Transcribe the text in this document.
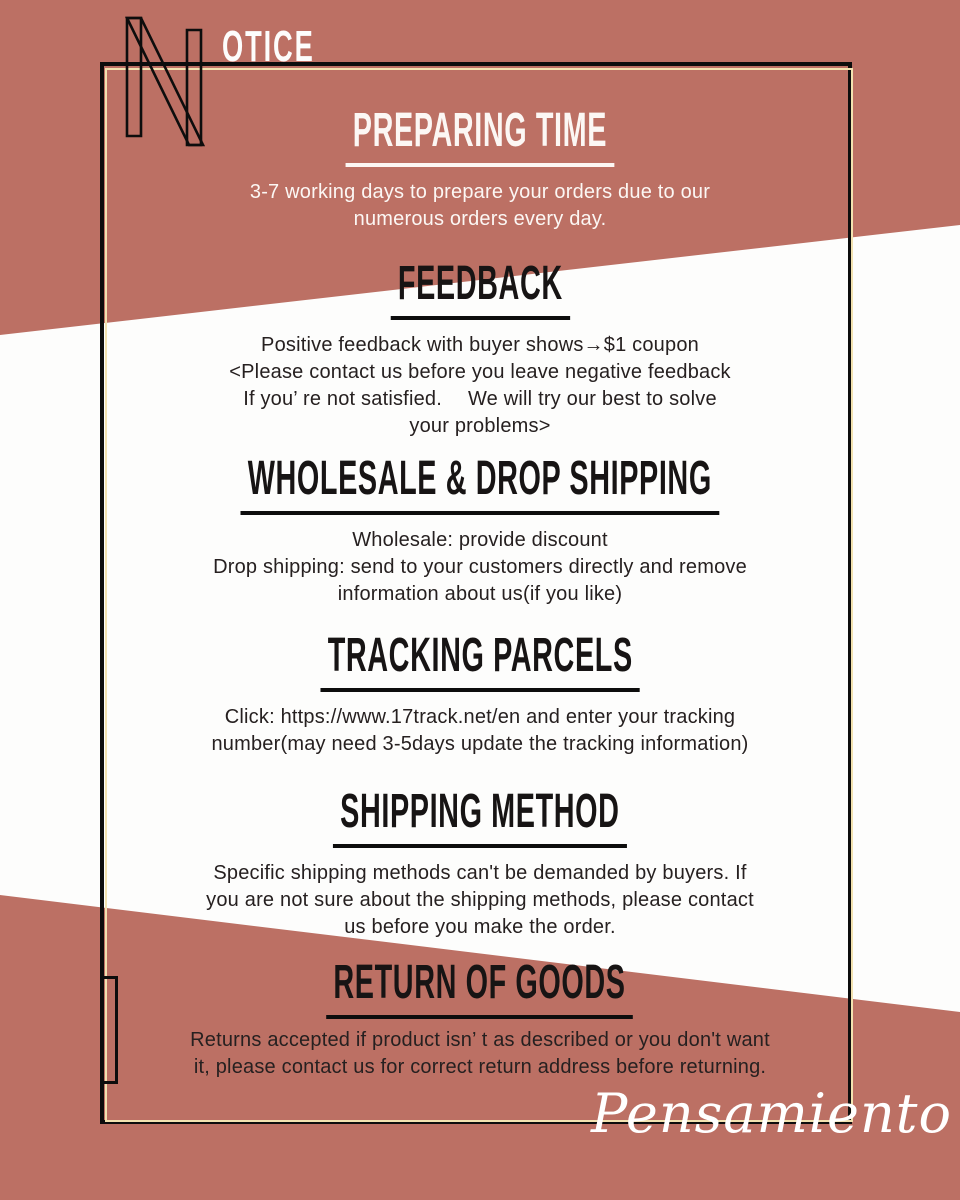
OTICE
PREPARING TIME
3-7 working days to prepare your orders due to our
numerous orders every day.
FEEDBACK
Positive feedback with buyer shows→$1 coupon
<Please contact us before you leave negative feedback
If you’ re not satisfied.　 We will try our best to solve
your problems>
WHOLESALE & DROP SHIPPING
Wholesale: provide discount
Drop shipping: send to your customers directly and remove
information about us(if you like)
TRACKING PARCELS
Click: https://www.17track.net/en and enter your tracking
number(may need 3-5days update the tracking information)
SHIPPING METHOD
Specific shipping methods can't be demanded by buyers. If
you are not sure about the shipping methods, please contact
us before you make the order.
RETURN OF GOODS
Returns accepted if product isn’ t as described or you don't want
it, please contact us for correct return address before returning.
Pensamiento
